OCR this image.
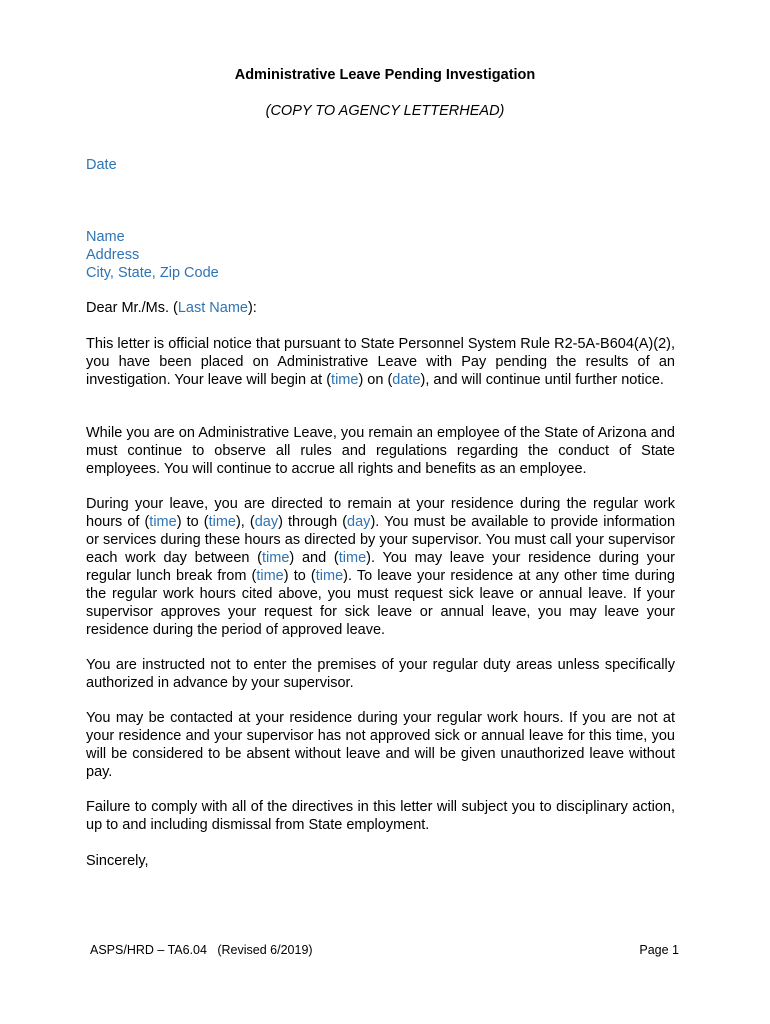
Administrative Leave Pending Investigation
(COPY TO AGENCY LETTERHEAD)
Date
Name
Address
City, State, Zip Code
Dear Mr./Ms. (Last Name):
This letter is official notice that pursuant to State Personnel System Rule R2-5A-B604(A)(2), you have been placed on Administrative Leave with Pay pending the results of an investigation. Your leave will begin at (time) on (date), and will continue until further notice.
While you are on Administrative Leave, you remain an employee of the State of Arizona and must continue to observe all rules and regulations regarding the conduct of State employees. You will continue to accrue all rights and benefits as an employee.
During your leave, you are directed to remain at your residence during the regular work hours of (time) to (time), (day) through (day). You must be available to provide information or services during these hours as directed by your supervisor. You must call your supervisor each work day between (time) and (time). You may leave your residence during your regular lunch break from (time) to (time). To leave your residence at any other time during the regular work hours cited above, you must request sick leave or annual leave. If your supervisor approves your request for sick leave or annual leave, you may leave your residence during the period of approved leave.
You are instructed not to enter the premises of your regular duty areas unless specifically authorized in advance by your supervisor.
You may be contacted at your residence during your regular work hours. If you are not at your residence and your supervisor has not approved sick or annual leave for this time, you will be considered to be absent without leave and will be given unauthorized leave without pay.
Failure to comply with all of the directives in this letter will subject you to disciplinary action, up to and including dismissal from State employment.
Sincerely,
ASPS/HRD – TA6.04   (Revised 6/2019)	Page 1
